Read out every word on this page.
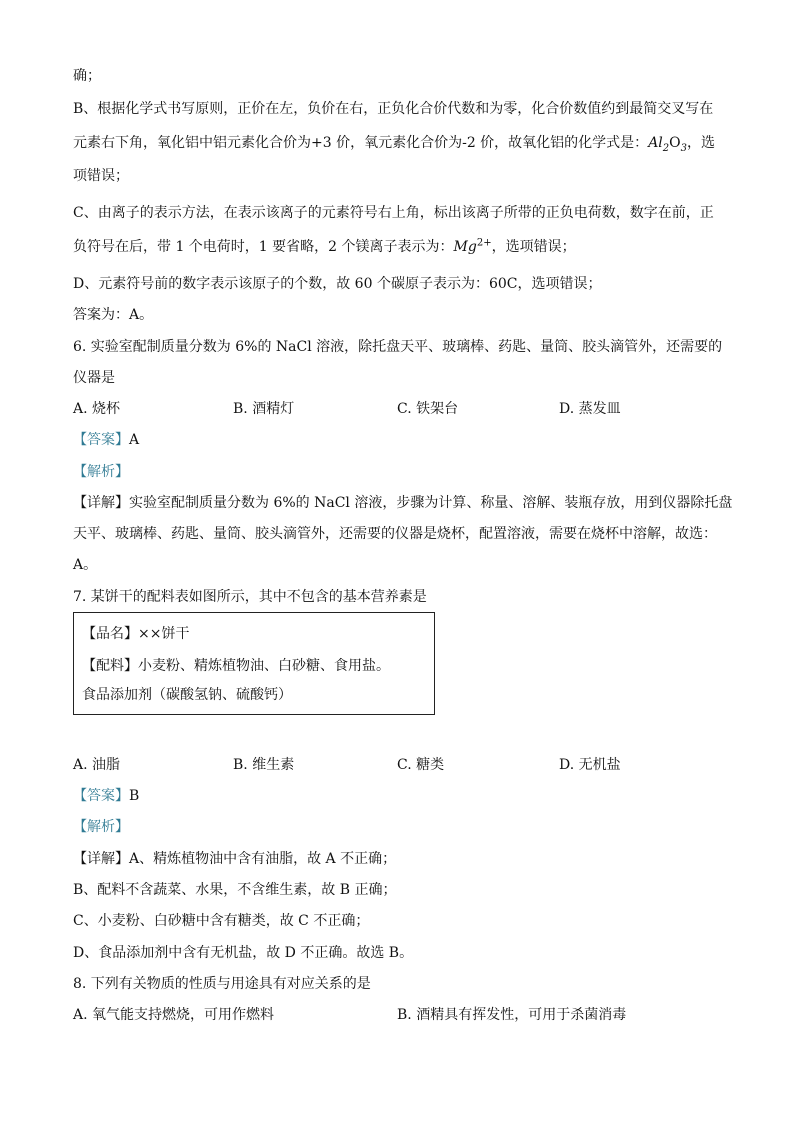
确；
B、根据化学式书写原则，正价在左，负价在右，正负化合价代数和为零，化合价数值约到最简交叉写在
元素右下角，氧化铝中铝元素化合价为+3 价，氧元素化合价为-2 价，故氧化铝的化学式是：$Al_2O_3$，选
项错误；
C、由离子的表示方法，在表示该离子的元素符号右上角，标出该离子所带的正负电荷数，数字在前，正
负符号在后，带 1 个电荷时，1 要省略，2 个镁离子表示为：$Mg^{2+}$，选项错误；
D、元素符号前的数字表示该原子的个数，故 60 个碳原子表示为：60C，选项错误；
答案为：A。
6. 实验室配制质量分数为 6%的 NaCl 溶液，除托盘天平、玻璃棒、药匙、量筒、胶头滴管外，还需要的
仪器是
A. 烧杯	B. 酒精灯	C. 铁架台	D. 蒸发皿
【答案】A
【解析】
【详解】实验室配制质量分数为 6%的 NaCl 溶液，步骤为计算、称量、溶解、装瓶存放，用到仪器除托盘
天平、玻璃棒、药匙、量筒、胶头滴管外，还需要的仪器是烧杯，配置溶液，需要在烧杯中溶解，故选：
A。
7. 某饼干的配料表如图所示，其中不包含的基本营养素是
【品名】××饼干
【配料】小麦粉、精炼植物油、白砂糖、食用盐。
食品添加剂（碳酸氢钠、硫酸钙）
A. 油脂	B. 维生素	C. 糖类	D. 无机盐
【答案】B
【解析】
【详解】A、精炼植物油中含有油脂，故 A 不正确；
B、配料不含蔬菜、水果，不含维生素，故 B 正确；
C、小麦粉、白砂糖中含有糖类，故 C 不正确；
D、食品添加剂中含有无机盐，故 D 不正确。故选 B。
8. 下列有关物质的性质与用途具有对应关系的是
A. 氧气能支持燃烧，可用作燃料	B. 酒精具有挥发性，可用于杀菌消毒
